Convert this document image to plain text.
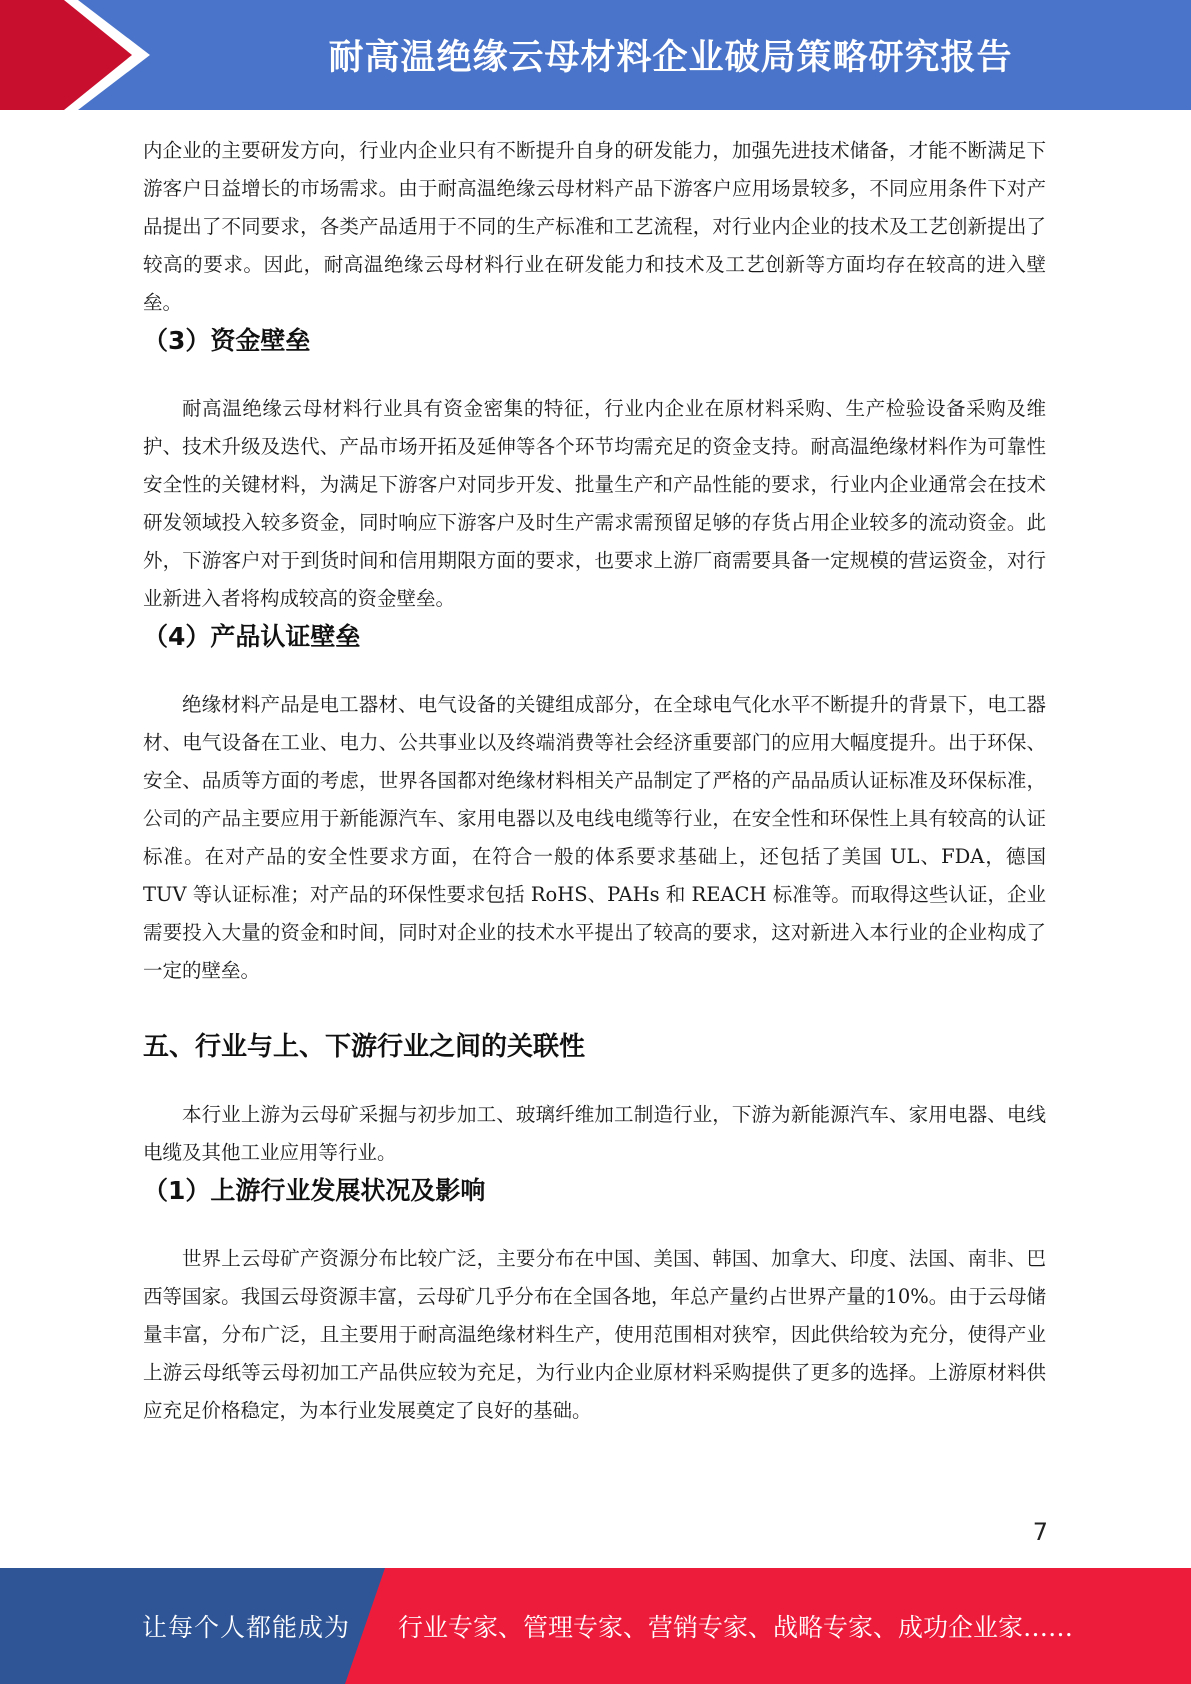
耐高温绝缘云母材料企业破局策略研究报告

内企业的主要研发方向，行业内企业只有不断提升自身的研发能力，加强先进技术储备，才能不断满足下游客户日益增长的市场需求。由于耐高温绝缘云母材料产品下游客户应用场景较多，不同应用条件下对产品提出了不同要求，各类产品适用于不同的生产标准和工艺流程，对行业内企业的技术及工艺创新提出了较高的要求。因此，耐高温绝缘云母材料行业在研发能力和技术及工艺创新等方面均存在较高的进入壁垒。

（3）资金壁垒

耐高温绝缘云母材料行业具有资金密集的特征，行业内企业在原材料采购、生产检验设备采购及维护、技术升级及迭代、产品市场开拓及延伸等各个环节均需充足的资金支持。耐高温绝缘材料作为可靠性安全性的关键材料，为满足下游客户对同步开发、批量生产和产品性能的要求，行业内企业通常会在技术研发领域投入较多资金，同时响应下游客户及时生产需求需预留足够的存货占用企业较多的流动资金。此外，下游客户对于到货时间和信用期限方面的要求，也要求上游厂商需要具备一定规模的营运资金，对行业新进入者将构成较高的资金壁垒。

（4）产品认证壁垒

绝缘材料产品是电工器材、电气设备的关键组成部分，在全球电气化水平不断提升的背景下，电工器材、电气设备在工业、电力、公共事业以及终端消费等社会经济重要部门的应用大幅度提升。出于环保、安全、品质等方面的考虑，世界各国都对绝缘材料相关产品制定了严格的产品品质认证标准及环保标准，公司的产品主要应用于新能源汽车、家用电器以及电线电缆等行业，在安全性和环保性上具有较高的认证标准。在对产品的安全性要求方面，在符合一般的体系要求基础上，还包括了美国 UL、FDA，德国 TUV 等认证标准；对产品的环保性要求包括 RoHS、PAHs 和 REACH 标准等。而取得这些认证，企业需要投入大量的资金和时间，同时对企业的技术水平提出了较高的要求，这对新进入本行业的企业构成了一定的壁垒。

五、行业与上、下游行业之间的关联性

本行业上游为云母矿采掘与初步加工、玻璃纤维加工制造行业，下游为新能源汽车、家用电器、电线电缆及其他工业应用等行业。

（1）上游行业发展状况及影响

世界上云母矿产资源分布比较广泛，主要分布在中国、美国、韩国、加拿大、印度、法国、南非、巴西等国家。我国云母资源丰富，云母矿几乎分布在全国各地，年总产量约占世界产量的10%。由于云母储量丰富，分布广泛，且主要用于耐高温绝缘材料生产，使用范围相对狭窄，因此供给较为充分，使得产业上游云母纸等云母初加工产品供应较为充足，为行业内企业原材料采购提供了更多的选择。上游原材料供应充足价格稳定，为本行业发展奠定了良好的基础。

7
让每个人都能成为 行业专家、管理专家、营销专家、战略专家、成功企业家……
